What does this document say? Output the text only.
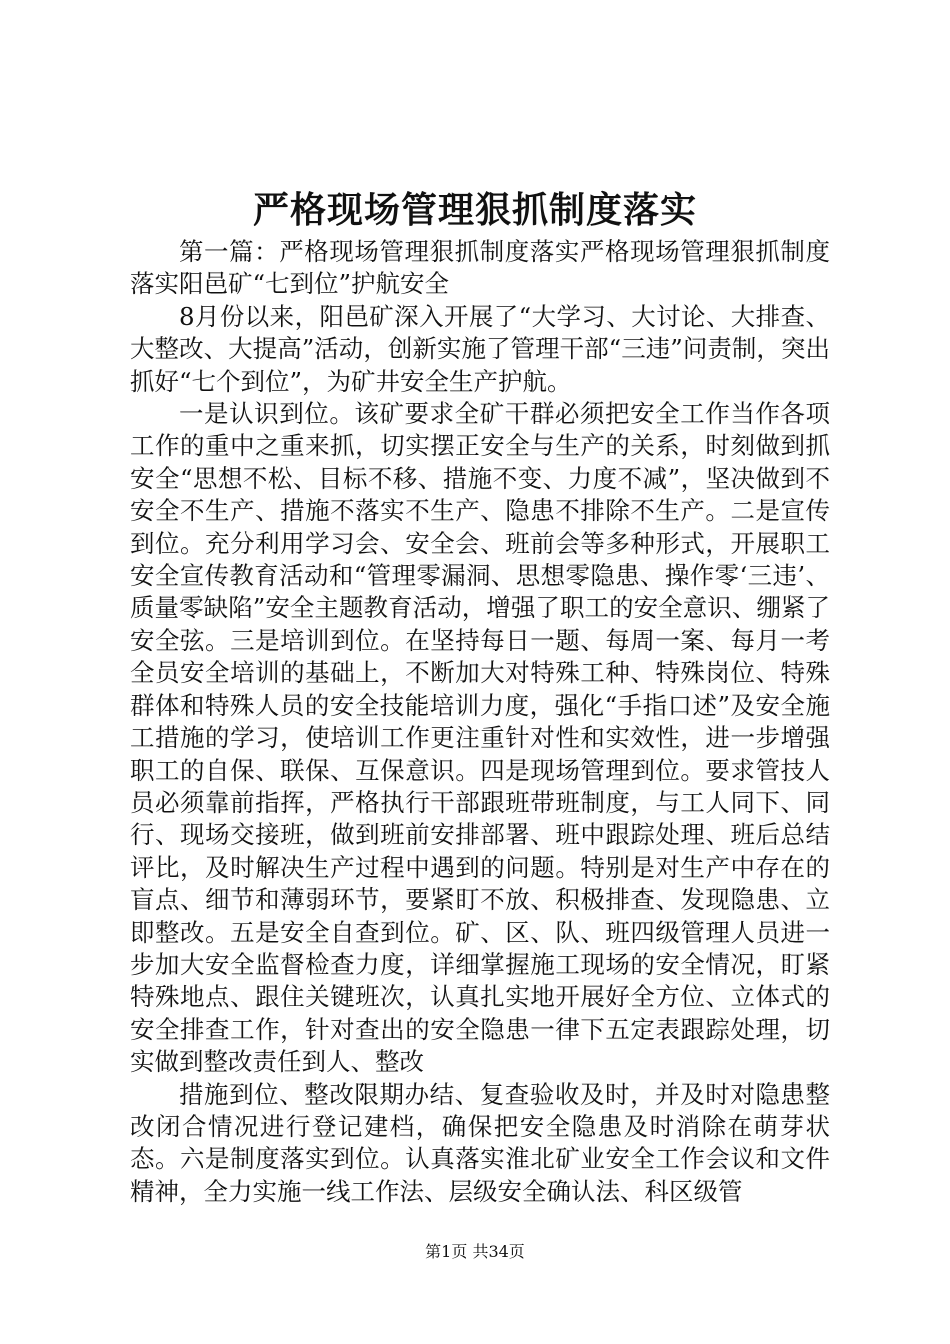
严格现场管理狠抓制度落实

第一篇：严格现场管理狠抓制度落实严格现场管理狠抓制度落实阳邑矿“七到位”护航安全

8月份以来，阳邑矿深入开展了“大学习、大讨论、大排查、大整改、大提高”活动，创新实施了管理干部“三违”问责制，突出抓好“七个到位”，为矿井安全生产护航。

一是认识到位。该矿要求全矿干群必须把安全工作当作各项工作的重中之重来抓，切实摆正安全与生产的关系，时刻做到抓安全“思想不松、目标不移、措施不变、力度不减”，坚决做到不安全不生产、措施不落实不生产、隐患不排除不生产。二是宣传到位。充分利用学习会、安全会、班前会等多种形式，开展职工安全宣传教育活动和“管理零漏洞、思想零隐患、操作零‘三违’、质量零缺陷”安全主题教育活动，增强了职工的安全意识、绷紧了安全弦。三是培训到位。在坚持每日一题、每周一案、每月一考全员安全培训的基础上，不断加大对特殊工种、特殊岗位、特殊群体和特殊人员的安全技能培训力度，强化“手指口述”及安全施工措施的学习，使培训工作更注重针对性和实效性，进一步增强职工的自保、联保、互保意识。四是现场管理到位。要求管技人员必须靠前指挥，严格执行干部跟班带班制度，与工人同下、同行、现场交接班，做到班前安排部署、班中跟踪处理、班后总结评比，及时解决生产过程中遇到的问题。特别是对生产中存在的盲点、细节和薄弱环节，要紧盯不放、积极排查、发现隐患、立即整改。五是安全自查到位。矿、区、队、班四级管理人员进一步加大安全监督检查力度，详细掌握施工现场的安全情况，盯紧特殊地点、跟住关键班次，认真扎实地开展好全方位、立体式的安全排查工作，针对查出的安全隐患一律下五定表跟踪处理，切实做到整改责任到人、整改

措施到位、整改限期办结、复查验收及时，并及时对隐患整改闭合情况进行登记建档，确保把安全隐患及时消除在萌芽状态。六是制度落实到位。认真落实淮北矿业安全工作会议和文件精神，全力实施一线工作法、层级安全确认法、科区级管

第1页 共34页
